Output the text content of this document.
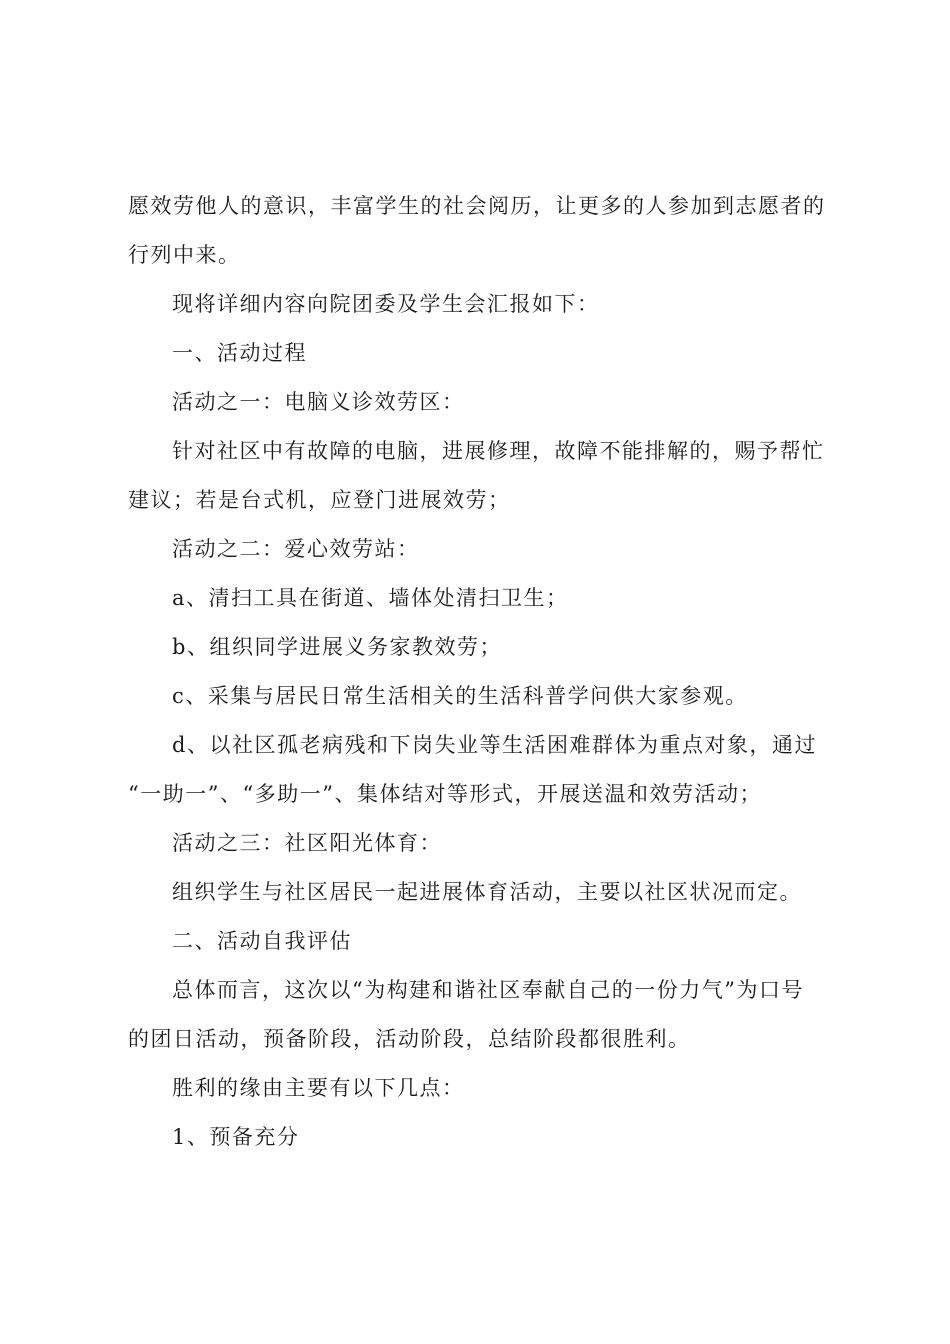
愿效劳他人的意识，丰富学生的社会阅历，让更多的人参加到志愿者的

行列中来。

现将详细内容向院团委及学生会汇报如下：

一、活动过程

活动之一：电脑义诊效劳区：

针对社区中有故障的电脑，进展修理，故障不能排解的，赐予帮忙

建议；若是台式机，应登门进展效劳；

活动之二：爱心效劳站：

a、清扫工具在街道、墙体处清扫卫生；

b、组织同学进展义务家教效劳；

c、采集与居民日常生活相关的生活科普学问供大家参观。

d、以社区孤老病残和下岗失业等生活困难群体为重点对象，通过

“一助一”、“多助一”、集体结对等形式，开展送温和效劳活动；

活动之三：社区阳光体育：

组织学生与社区居民一起进展体育活动，主要以社区状况而定。

二、活动自我评估

总体而言，这次以“为构建和谐社区奉献自己的一份力气”为口号

的团日活动，预备阶段，活动阶段，总结阶段都很胜利。

胜利的缘由主要有以下几点：

1、预备充分
